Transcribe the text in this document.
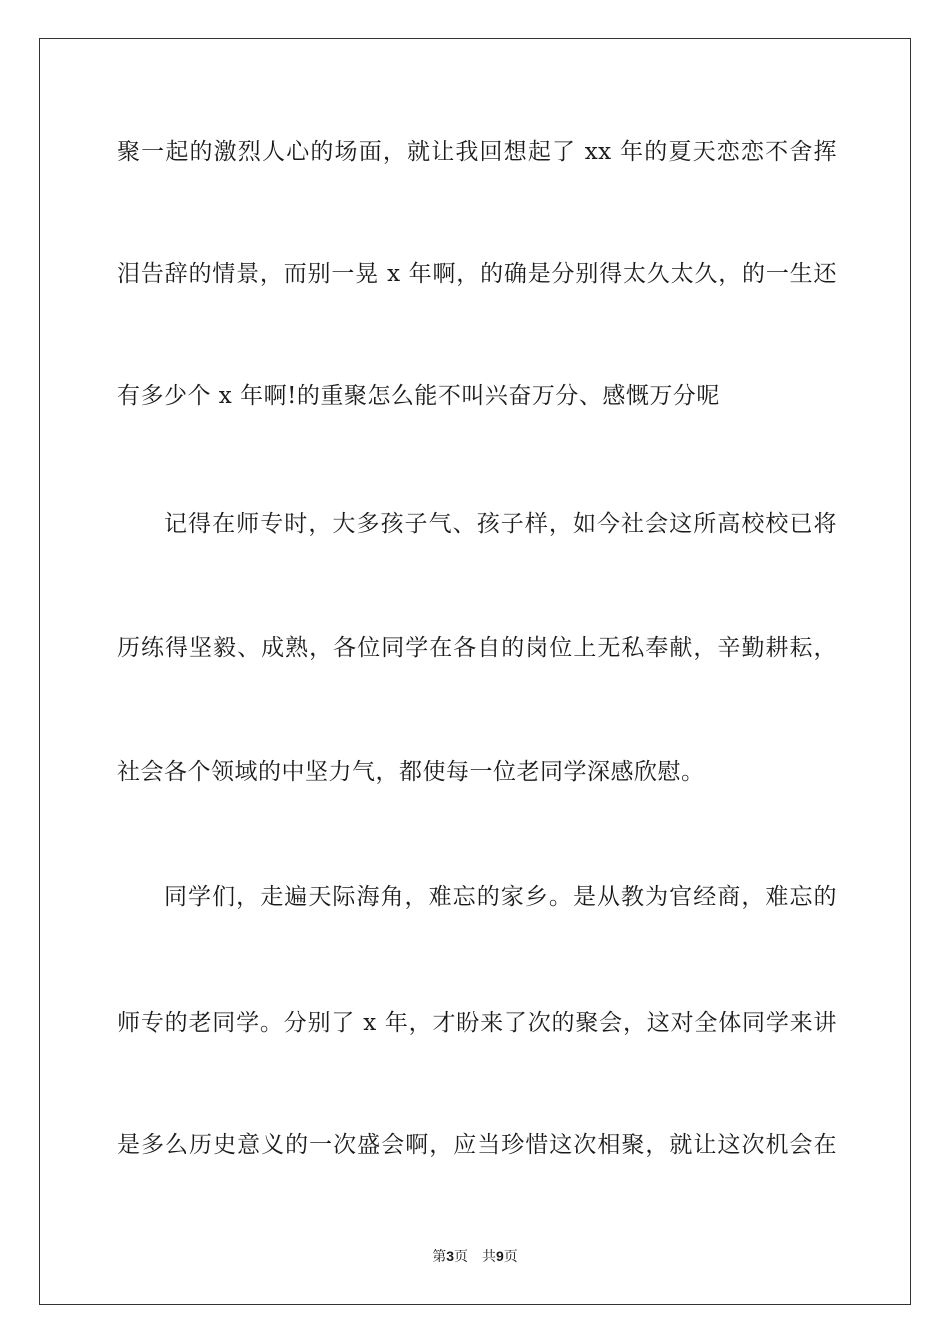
聚一起的激烈人心的场面，就让我回想起了 xx 年的夏天恋恋不舍挥
泪告辞的情景，而别一晃 x 年啊，的确是分别得太久太久，的一生还
有多少个 x 年啊!的重聚怎么能不叫兴奋万分、感慨万分呢
记得在师专时，大多孩子气、孩子样，如今社会这所高校校已将
历练得坚毅、成熟，各位同学在各自的岗位上无私奉献，辛勤耕耘，
社会各个领域的中坚力气，都使每一位老同学深感欣慰。
同学们，走遍天际海角，难忘的家乡。是从教为官经商，难忘的
师专的老同学。分别了 x 年，才盼来了次的聚会，这对全体同学来讲
是多么历史意义的一次盛会啊，应当珍惜这次相聚，就让这次机会在
第3页 共9页
